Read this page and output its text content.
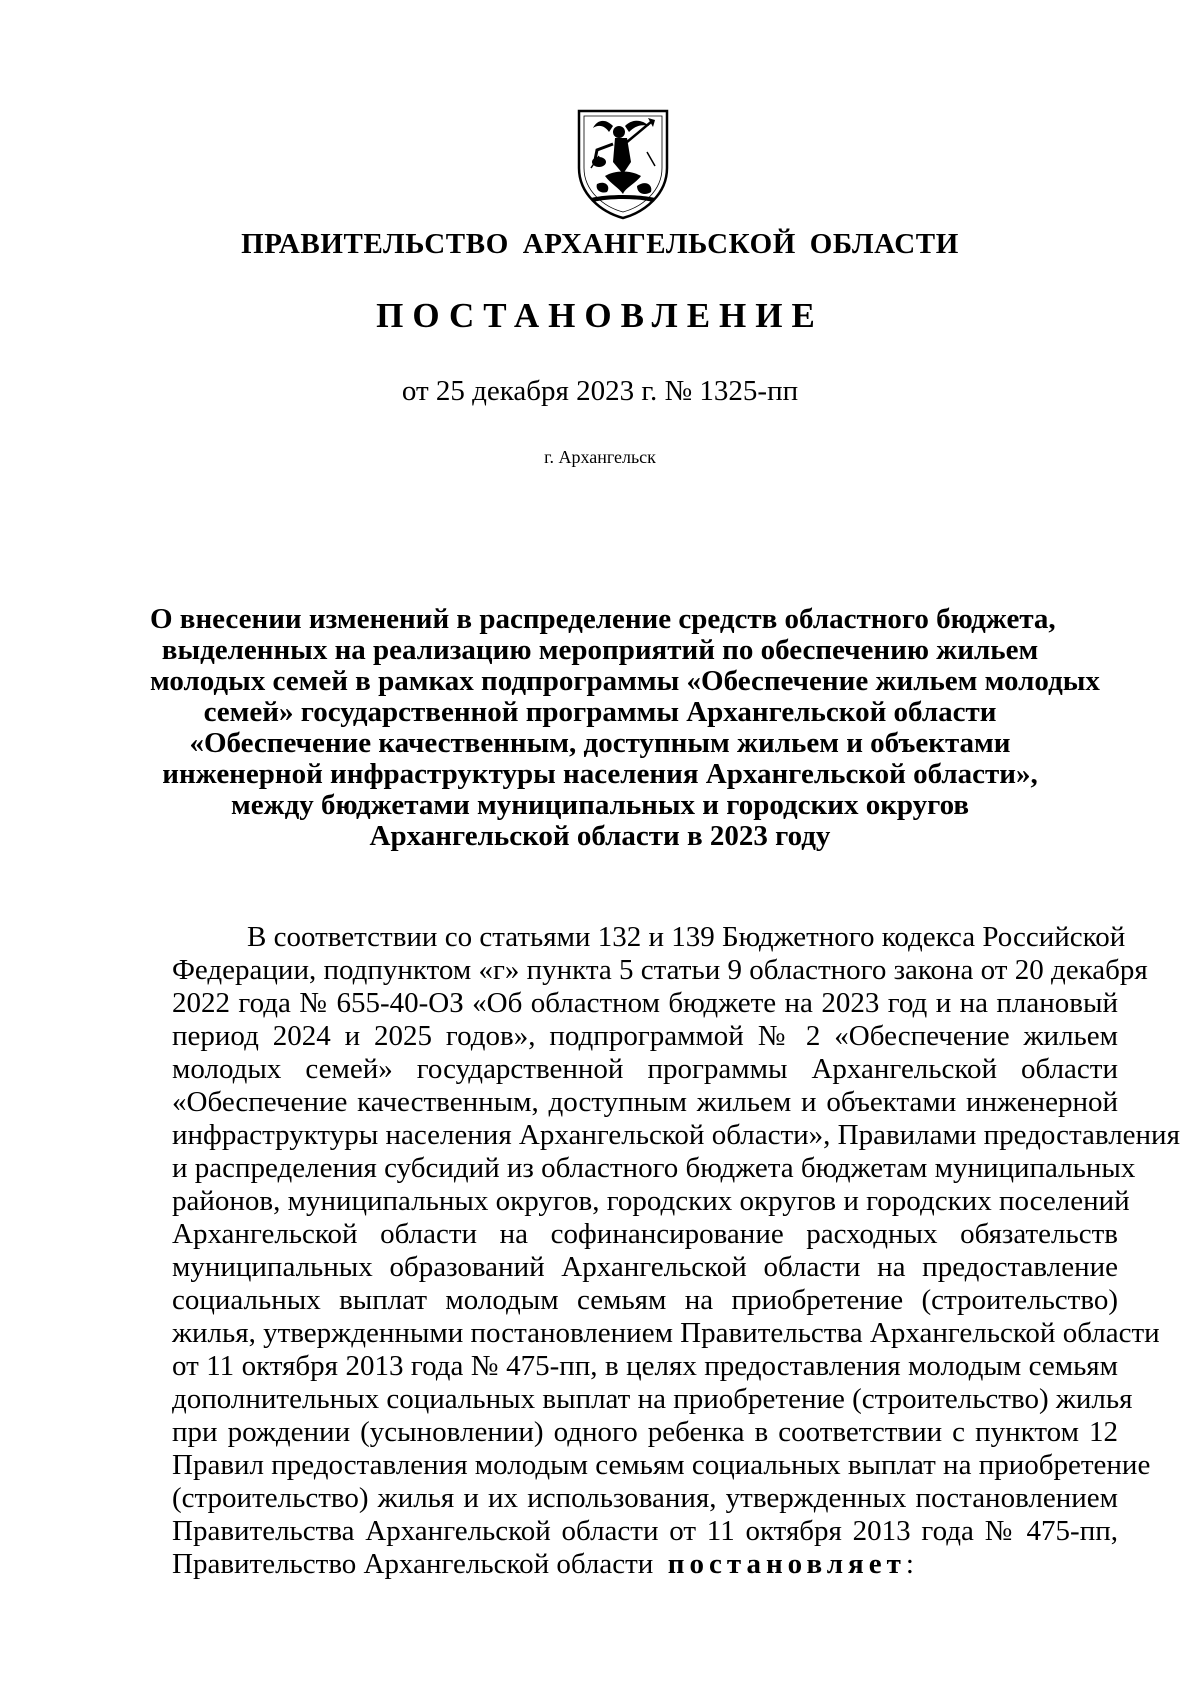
ПРАВИТЕЛЬСТВО АРХАНГЕЛЬСКОЙ ОБЛАСТИ
ПОСТАНОВЛЕНИЕ
от 25 декабря 2023 г. № 1325-пп
г. Архангельск
О внесении изменений в распределение средств областного бюджета,
выделенных на реализацию мероприятий по обеспечению жильем
молодых семей в рамках подпрограммы «Обеспечение жильем молодых
семей» государственной программы Архангельской области
«Обеспечение качественным, доступным жильем и объектами
инженерной инфраструктуры населения Архангельской области»,
между бюджетами муниципальных и городских округов
Архангельской области в 2023 году
В соответствии со статьями 132 и 139 Бюджетного кодекса Российской
Федерации, подпунктом «г» пункта 5 статьи 9 областного закона от 20 декабря
2022 года № 655-40-ОЗ «Об областном бюджете на 2023 год и на плановый
период 2024 и 2025 годов», подпрограммой № 2 «Обеспечение жильем
молодых семей» государственной программы Архангельской области
«Обеспечение качественным, доступным жильем и объектами инженерной
инфраструктуры населения Архангельской области», Правилами предоставления
и распределения субсидий из областного бюджета бюджетам муниципальных
районов, муниципальных округов, городских округов и городских поселений
Архангельской области на софинансирование расходных обязательств
муниципальных образований Архангельской области на предоставление
социальных выплат молодым семьям на приобретение (строительство)
жилья, утвержденными постановлением Правительства Архангельской области
от 11 октября 2013 года № 475-пп, в целях предоставления молодым семьям
дополнительных социальных выплат на приобретение (строительство) жилья
при рождении (усыновлении) одного ребенка в соответствии с пунктом 12
Правил предоставления молодым семьям социальных выплат на приобретение
(строительство) жилья и их использования, утвержденных постановлением
Правительства Архангельской области от 11 октября 2013 года № 475-пп,
Правительство Архангельской области постановляет:
